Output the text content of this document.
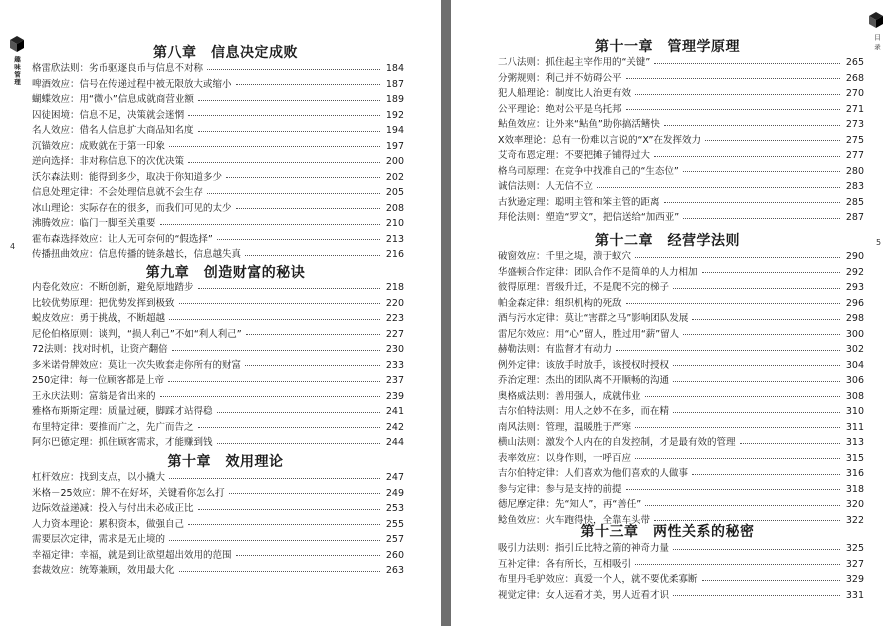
趣味管理
4
第八章　信息决定成败
格雷欣法则：劣币驱逐良币与信息不对称	184
啤酒效应：信号在传递过程中被无限放大或缩小	187
蝴蝶效应：用“微小”信息成就商营业额	189
囚徒困境：信息不足，决策就会迷惘	192
名人效应：借名人信息扩大商品知名度	194
沉锚效应：成败就在于第一印象	197
逆向选择：非对称信息下的次优决策	200
沃尔森法则：能得到多少，取决于你知道多少	202
信息处理定律：不会处理信息就不会生存	205
冰山理论：实际存在的很多，而我们可见的太少	208
沸腾效应：临门一脚至关重要	210
霍布森选择效应：让人无可奈何的“假选择”	213
传播扭曲效应：信息传播的链条越长，信息越失真	216
第九章　创造财富的秘诀
内卷化效应：不断创新，避免原地踏步	218
比较优势原理：把优势发挥到极致	220
蜕皮效应：勇于挑战，不断超越	223
尼伦伯格原则：谈判，“损人利己”不如“利人利己”	227
72法则：找对时机，让资产翻倍	230
多米诺骨牌效应：莫让一次失败套走你所有的财富	233
250定律：每一位顾客都是上帝	237
王永庆法则：富翁是省出来的	239
雅格布斯斯定理：质量过硬，脚踩才站得稳	241
布里特定律：要推而广之，先广而告之	242
阿尔巴德定理：抓住顾客需求，才能赚到钱	244
第十章　效用理论
杠杆效应：找到支点，以小撬大	247
米格－25效应：牌不在好坏，关键看你怎么打	249
边际效益递减：投入与付出未必成正比	253
人力资本理论：累积资本，做强自己	255
需要层次定律，需求是无止境的	257
幸福定律：幸福，就是到让欲望超出效用的范围	260
套裁效应：统筹兼顾，效用最大化	263
目录
5
第十一章　管理学原理
二八法则：抓住起主宰作用的“关键”	265
分粥规则：利己并不妨碍公平	268
犯人船理论：制度比人治更有效	270
公平理论：绝对公平是乌托邦	271
鲇鱼效应：让外来“鲇鱼”助你搞活鳍快	273
X效率理论：总有一份难以言说的“X”在发挥效力	275
艾奇布恩定理：不要把摊子铺得过大	277
格乌司原理：在竞争中找准自己的“生态位”	280
诚信法则：人无信不立	283
古狄逊定理：聪明主管和笨主管的距离	285
拜伦法则：塑造“罗文”，把信送给“加西亚”	287
第十二章　经营学法则
破窗效应：千里之堤，溃于蚁穴	290
华盛顿合作定律：团队合作不是简单的人力相加	292
彼得原理：晋级升迁，不是爬不完的梯子	293
帕金森定律：组织机构的死敌	296
酒与污水定律：莫让“害群之马”影响团队发展	298
雷尼尔效应：用“心”留人，胜过用“薪”留人	300
赫勒法则：有监督才有动力	302
例外定律：该放手时放手，该授权时授权	304
乔治定理：杰出的团队离不开顺畅的沟通	306
奥格威法则：善用强人，成就伟业	308
吉尔伯特法则：用人之妙不在多，而在精	310
南风法则：管理，温暖胜于严寒	311
横山法则：激发个人内在的自发控制，才是最有效的管理	313
表率效应：以身作则，一呼百应	315
吉尔伯特定律：人们喜欢为他们喜欢的人做事	316
参与定律：参与是支持的前提	318
德尼摩定律：先“知人”，再“善任”	320
鲶鱼效应：火车跑得快，全靠车头带	322
第十三章　两性关系的秘密
吸引力法则：指引丘比特之箭的神奇力量	325
互补定律：各有所长，互相吸引	327
布里丹毛驴效应：真爱一个人，就不要优柔寡断	329
视觉定律：女人远看才美，男人近看才识	331
